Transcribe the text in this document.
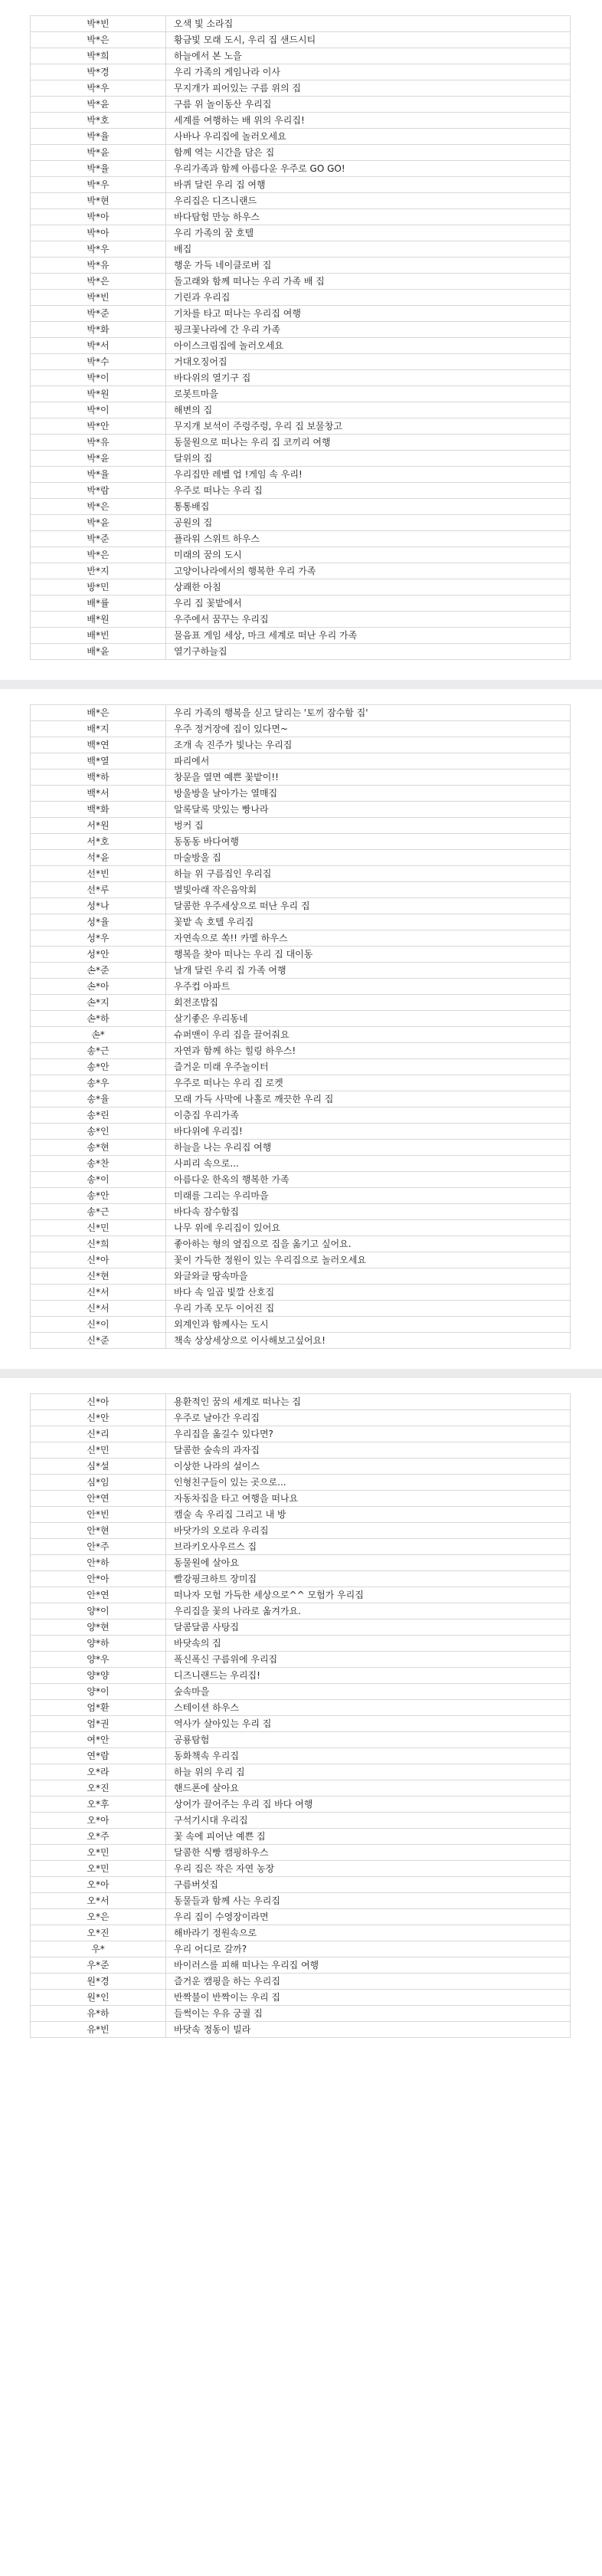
박*빈	오색 빛 소라집
박*은	황금빛 모래 도시, 우리 집 샌드시티
박*희	하늘에서 본 노을
박*경	우리 가족의 게임나라 이사
박*우	무지개가 피어있는 구름 위의 집
박*윤	구름 위 놀이동산 우리집
박*호	세계를 여행하는 배 위의 우리집!
박*율	사바나 우리집에 놀러오세요
박*윤	함께 역는 시간을 담은 집
박*율	우리가족과 함께 아름다운 우주로 GO GO!
박*우	바퀴 달린 우리 집 여행
박*현	우리집은 디즈니랜드
박*아	바다탐험 만능 하우스
박*아	우리 가족의 꿈 호텔
박*우	배집
박*유	행운 가득 네이클로버 집
박*은	돌고래와 함께 떠나는 우리 가족 배 집
박*빈	기린과 우리집
박*준	기차를 타고 떠나는 우리집 여행
박*화	핑크꽃나라에 간 우리 가족
박*서	아이스크림집에 놀러오세요
박*수	거대오징어집
박*이	바다위의 열기구 집
박*원	로봇트마을
박*이	해변의 집
박*안	무지개 보석이 주렁주렁, 우리 집 보물창고
박*유	동물원으로 떠나는 우리 집 코끼리 여행
박*윤	달위의 집
박*율	우리집만 레벨 업 !게임 속 우리!
박*람	우주로 떠나는 우리 집
박*은	통통배집
박*윤	공원의 집
박*준	플라워 스위트 하우스
박*은	미래의 꿈의 도시
반*지	고양이나라에서의 행복한 우리 가족
방*민	상쾌한 아침
배*률	우리 집 꽃밭에서
배*원	우주에서 꿈꾸는 우리집
배*빈	물음표 게임 세상, 마크 세계로 떠난 우리 가족
배*윤	열기구하늘집
배*은	우리 가족의 행복을 싣고 달리는 '토끼 잠수함 집'
배*지	우주 정거장에 집이 있다면~
백*연	조개 속 진주가 빛나는 우리집
백*열	파리에서
백*하	창문을 열면 예쁜 꽃밭이!!
백*서	방울방울 날아가는 열매집
백*화	알록달록 맛있는 빵나라
서*원	벙커 집
서*호	동동동 바다여행
석*윤	마술방울 집
선*빈	하늘 위 구름집인 우리집
선*루	별빛아래 작은음악회
성*나	달콤한 우주세상으로 떠난 우리 집
성*율	꽃밭 속 호텔 우리집
성*우	자연속으로 쏙!! 카멜 하우스
성*안	행복을 찾아 떠나는 우리 집 대이동
손*준	날개 달린 우리 집 가족 여행
손*아	우주컵 아파트
손*지	회전조밥집
손*하	살기좋은 우리동네
손*	슈퍼맨이 우리 집을 끌어줘요
송*근	자연과 함께 하는 힐링 하우스!
송*안	즐거운 미래 우주놀이터
송*우	우주로 떠나는 우리 집 로켓
송*율	모래 가득 사막에 나홀로 깨끗한 우리 집
송*린	이층집 우리가족
송*인	바다위에 우리집!
송*현	하늘을 나는 우리집 여행
송*찬	사피리 속으로...
송*이	아름다운 한옥의 행복한 가족
송*안	미래를 그리는 우리마을
송*근	바다속 잠수함집
신*민	나무 위에 우리집이 있어요
신*희	좋아하는 형의 옆집으로 집을 옮기고 싶어요.
신*아	꽃이 가득한 정원이 있는 우리집으로 놀러오세요
신*현	와글와글 땅속마을
신*서	바다 속 일곱 빛깔 산호집
신*서	우리 가족 모두 이어진 집
신*이	외계인과 함께사는 도시
신*준	책속 상상세상으로 이사해보고싶어요!
신*아	용환적인 꿈의 세계로 떠나는 집
신*안	우주로 날아간 우리집
신*리	우리집을 옮길수 있다면?
신*민	달콤한 숲속의 과자집
심*설	이상한 나라의 설이스
심*임	인형친구들이 있는 곳으로...
안*연	자동차집을 타고 여행을 떠나요
안*빈	캠술 속 우리집 그리고 내 방
안*현	바닷가의 오로라 우리집
안*주	브라키오사우르스 집
안*하	동물원에 살아요
안*아	빨강핑크하트 장미집
안*연	떠나자 모험 가득한 세상으로^^ 모험가 우리집
양*이	우리집을 꽃의 나라로 옮겨가요.
양*현	달콤달콤 사탕집
양*하	바닷속의 집
양*우	폭신폭신 구름위에 우리집
양*양	디즈니랜드는 우리집!
양*이	숲속마을
엄*환	스테이션 하우스
엄*권	역사가 살아있는 우리 집
여*안	공룡탐험
연*람	동화책속 우리집
오*라	하늘 위의 우리 집
오*진	핸드폰에 살아요
오*후	상어가 끌어주는 우리 집 바다 여행
오*아	구석기시대 우리집
오*주	꽃 속에 피어난 예쁜 집
오*민	달콤한 식빵 캠핑하우스
오*민	우리 집은 작은 자연 농장
오*아	구름버섯집
오*서	동물들과 함께 사는 우리집
오*은	우리 집이 수영장이라면
오*진	해바라기 정원속으로
우*	우리 어디로 갈까?
우*준	바이러스를 피해 떠나는 우리집 여행
원*경	즐거운 캠핑을 하는 우리집
원*인	반짝불이 반짝이는 우리 집
유*하	들썩이는 우유 궁궐 집
유*빈	바닷속 정동이 빌라
